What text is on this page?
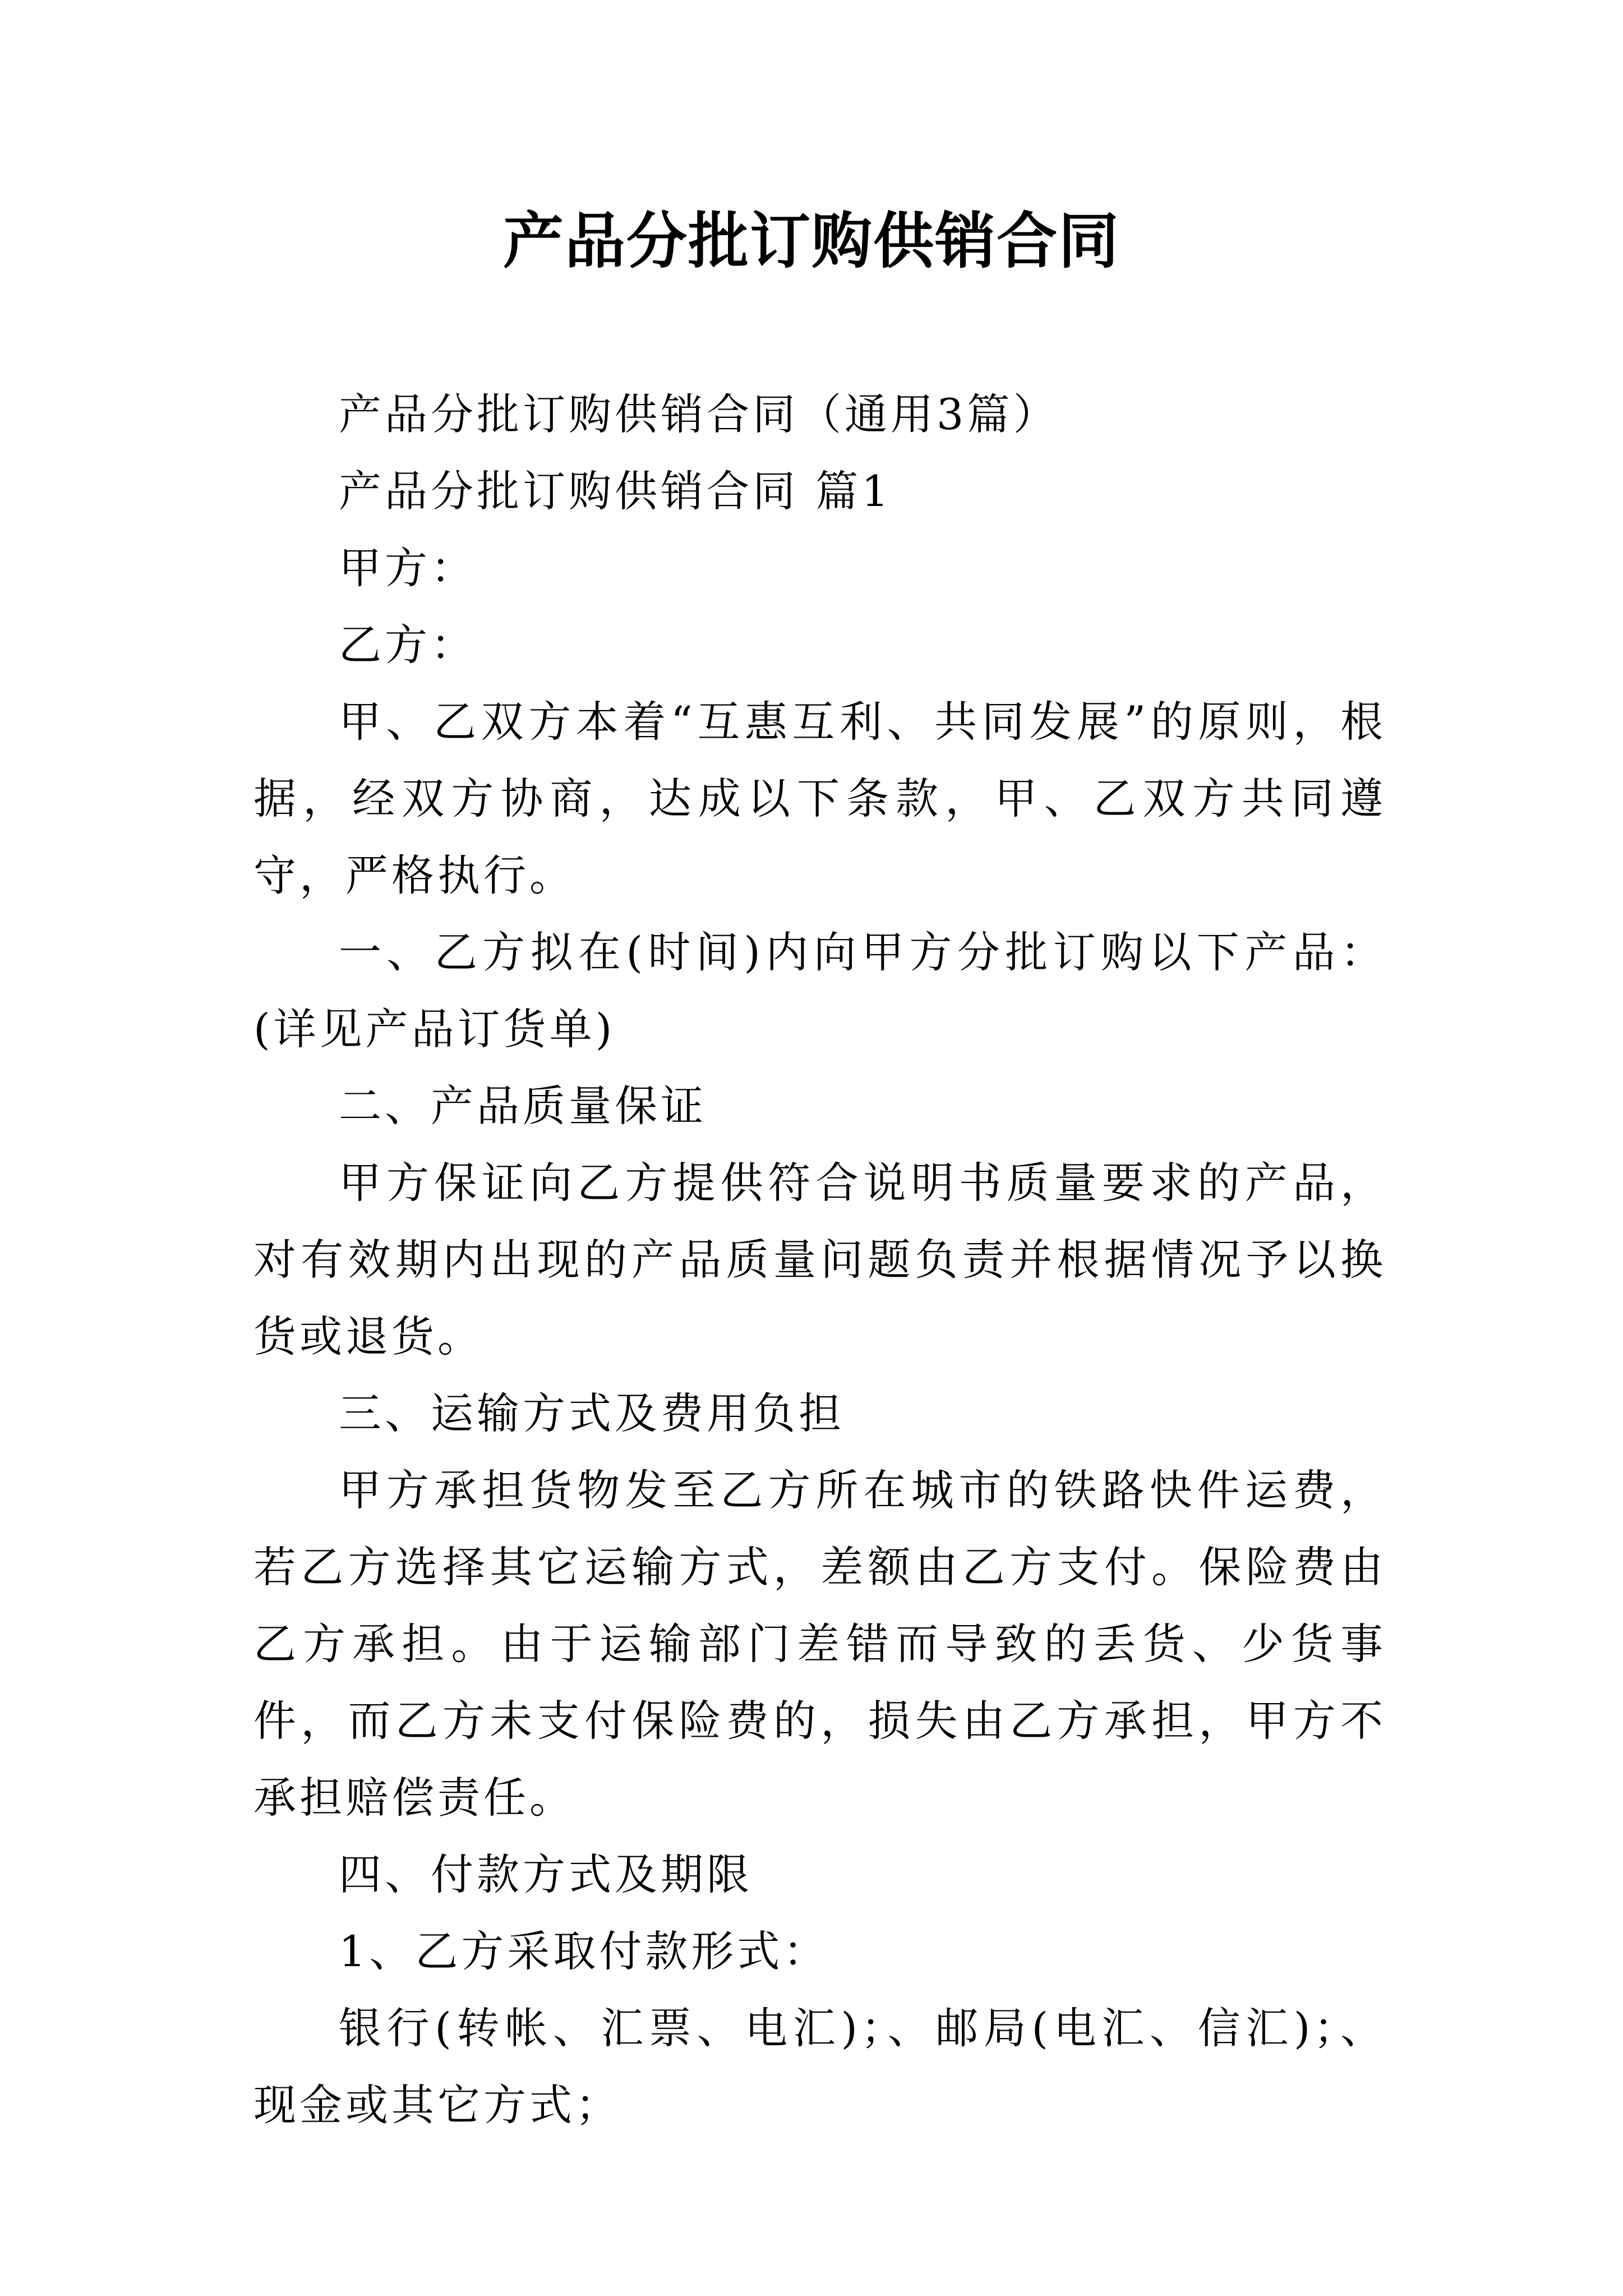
产品分批订购供销合同

产品分批订购供销合同（通用3篇）

产品分批订购供销合同 篇1

甲方：

乙方：

甲、乙双方本着“互惠互利、共同发展”的原则，根据，经双方协商，达成以下条款，甲、乙双方共同遵守，严格执行。

一、乙方拟在(时间)内向甲方分批订购以下产品：(详见产品订货单)

二、产品质量保证

甲方保证向乙方提供符合说明书质量要求的产品，对有效期内出现的产品质量问题负责并根据情况予以换货或退货。

三、运输方式及费用负担

甲方承担货物发至乙方所在城市的铁路快件运费，若乙方选择其它运输方式，差额由乙方支付。保险费由乙方承担。由于运输部门差错而导致的丢货、少货事件，而乙方未支付保险费的，损失由乙方承担，甲方不承担赔偿责任。

四、付款方式及期限

1、乙方采取付款形式：

银行(转帐、汇票、电汇)；、邮局(电汇、信汇)；、现金或其它方式；
